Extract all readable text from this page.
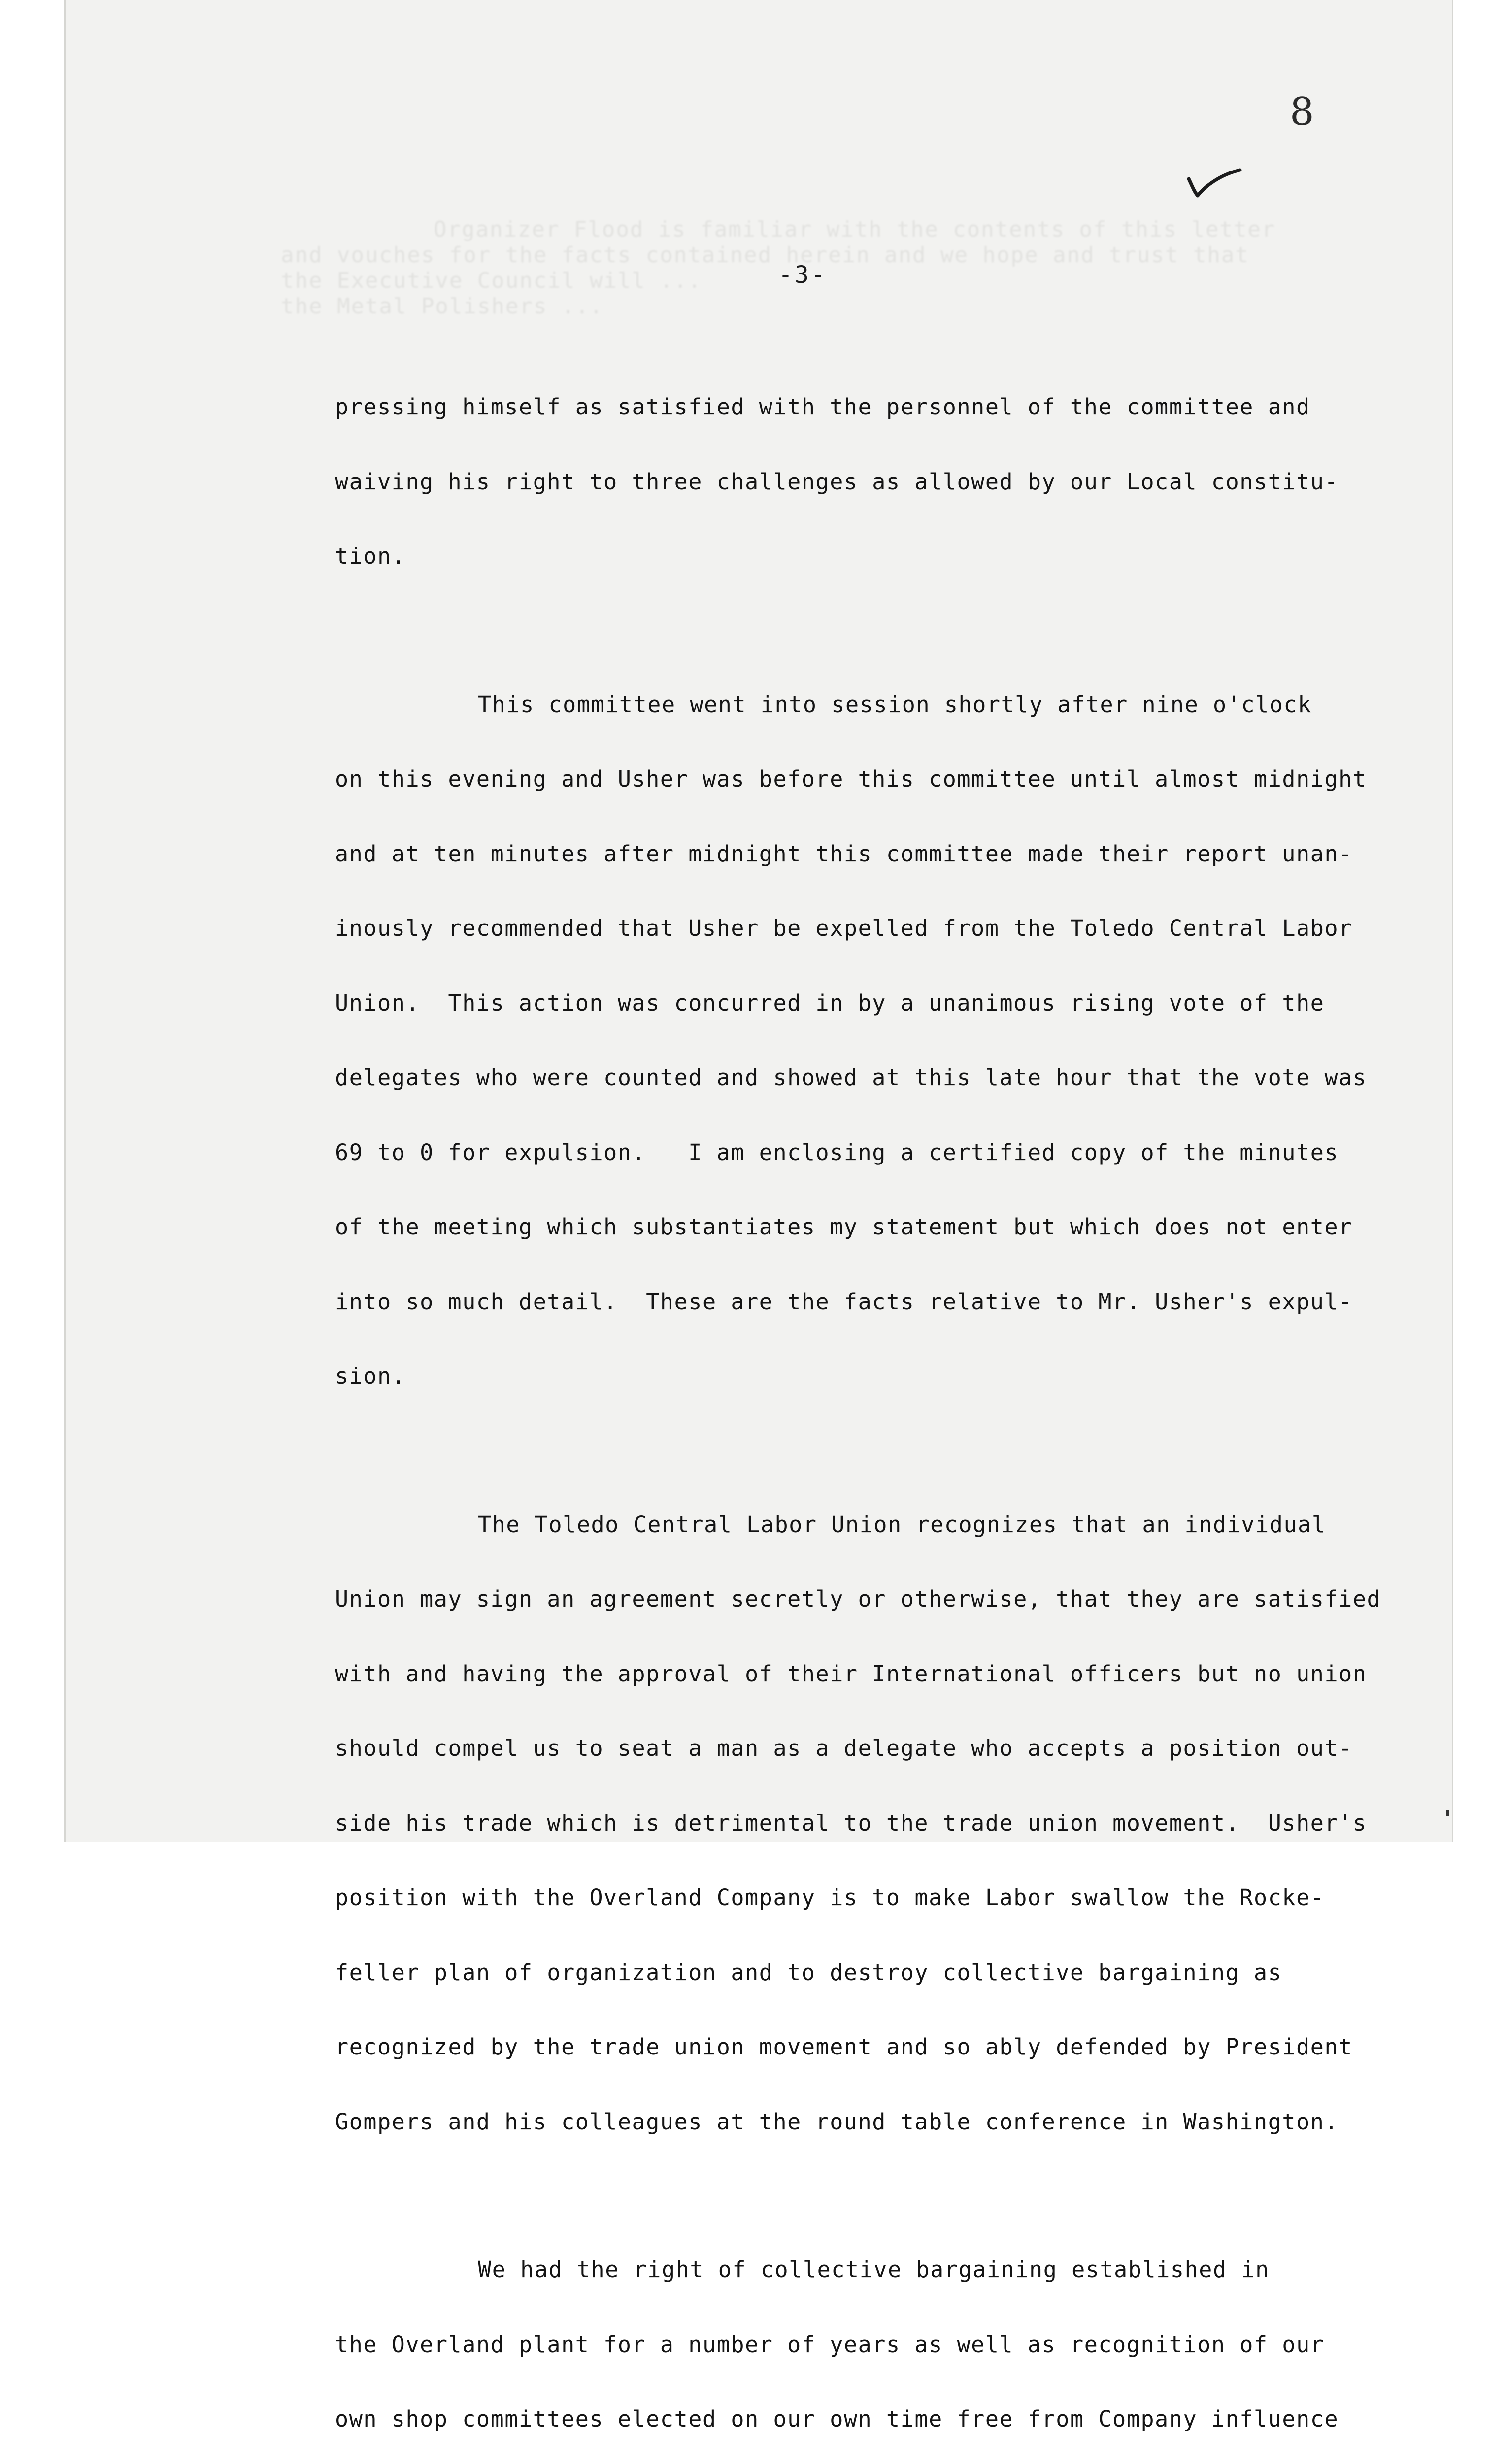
Organizer Flood is familiar with the contents of this letter
and vouches for the facts contained herein and we hope and trust that
the Executive Council will ...
the Metal Polishers ...
8
-3-

pressing himself as satisfied with the personnel of the committee and

waiving his right to three challenges as allowed by our Local constitu-

tion.

This committee went into session shortly after nine o'clock

on this evening and Usher was before this committee until almost midnight

and at ten minutes after midnight this committee made their report unan-

inously recommended that Usher be expelled from the Toledo Central Labor

Union.  This action was concurred in by a unanimous rising vote of the

delegates who were counted and showed at this late hour that the vote was

69 to 0 for expulsion.   I am enclosing a certified copy of the minutes

of the meeting which substantiates my statement but which does not enter

into so much detail.  These are the facts relative to Mr. Usher's expul-

sion.

The Toledo Central Labor Union recognizes that an individual

Union may sign an agreement secretly or otherwise, that they are satisfied

with and having the approval of their International officers but no union

should compel us to seat a man as a delegate who accepts a position out-

side his trade which is detrimental to the trade union movement.  Usher's

position with the Overland Company is to make Labor swallow the Rocke-

feller plan of organization and to destroy collective bargaining as

recognized by the trade union movement and so ably defended by President

Gompers and his colleagues at the round table conference in Washington.

We had the right of collective bargaining established in

the Overland plant for a number of years as well as recognition of our

own shop committees elected on our own time free from Company influence
